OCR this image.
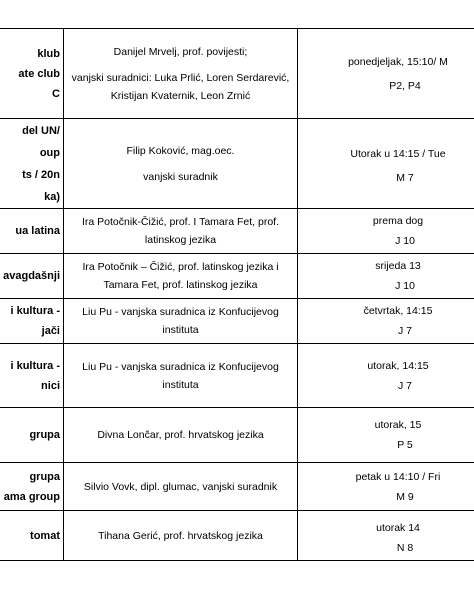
klub
ate club
C	Danijel Mrvelj, prof. povijesti;
vanjski suradnici: Luka Prlić, Loren Serdarević,
Kristijan Kvaternik, Leon Zrnić	ponedjeljak, 15:10/ M
P2, P4

del UN/
oup
ts / 20n
ka)	Filip Koković, mag.oec.
vanjski suradnik	Utorak u 14:15 / Tue
M 7

ua latina	Ira Potočnik-Čižić, prof. I Tamara Fet, prof.
latinskog jezika	prema dog
J 10

avagdašnji	Ira Potočnik – Čižić, prof. latinskog jezika i
Tamara Fet, prof. latinskog jezika	srijeda 13
J 10

i kultura -
jači	Liu Pu - vanjska suradnica iz Konfucijevog
instituta	četvrtak, 14:15
J 7

i kultura -
nici	Liu Pu - vanjska suradnica iz Konfucijevog
instituta	utorak, 14:15
J 7

grupa	Divna Lončar, prof. hrvatskog jezika	utorak, 15
P 5

grupa
ama group	Silvio Vovk, dipl. glumac, vanjski suradnik	petak u 14:10 / Fri
M 9

tomat	Tihana Gerić, prof. hrvatskog jezika	utorak 14
N 8
